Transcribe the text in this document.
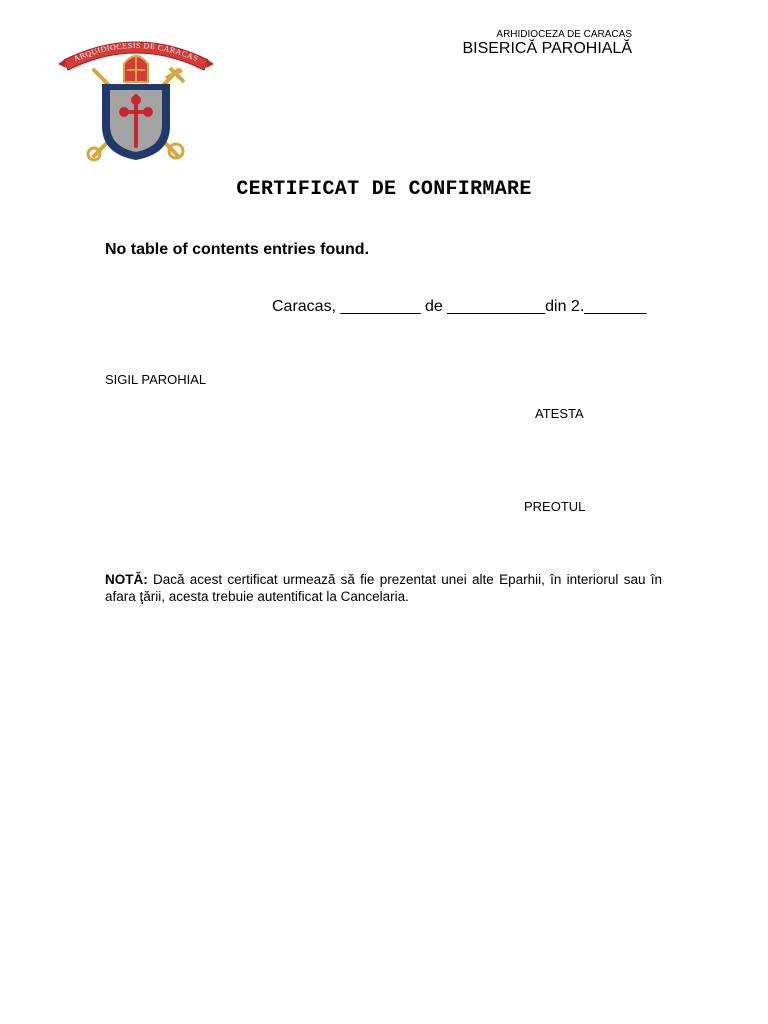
ARQUIDIOCESIS DE CARACAS
ARHIDIOCEZA DE CARACAS
BISERICĂ PAROHIALĂ
CERTIFICAT DE CONFIRMARE
No table of contents entries found.
Caracas, _________ de ___________din 2._______
SIGIL PAROHIAL
ATESTA
PREOTUL
NOTĂ: Dacă acest certificat urmează să fie prezentat unei alte Eparhii, în interiorul sau în afara ţării, acesta trebuie autentificat la Cancelaria.
